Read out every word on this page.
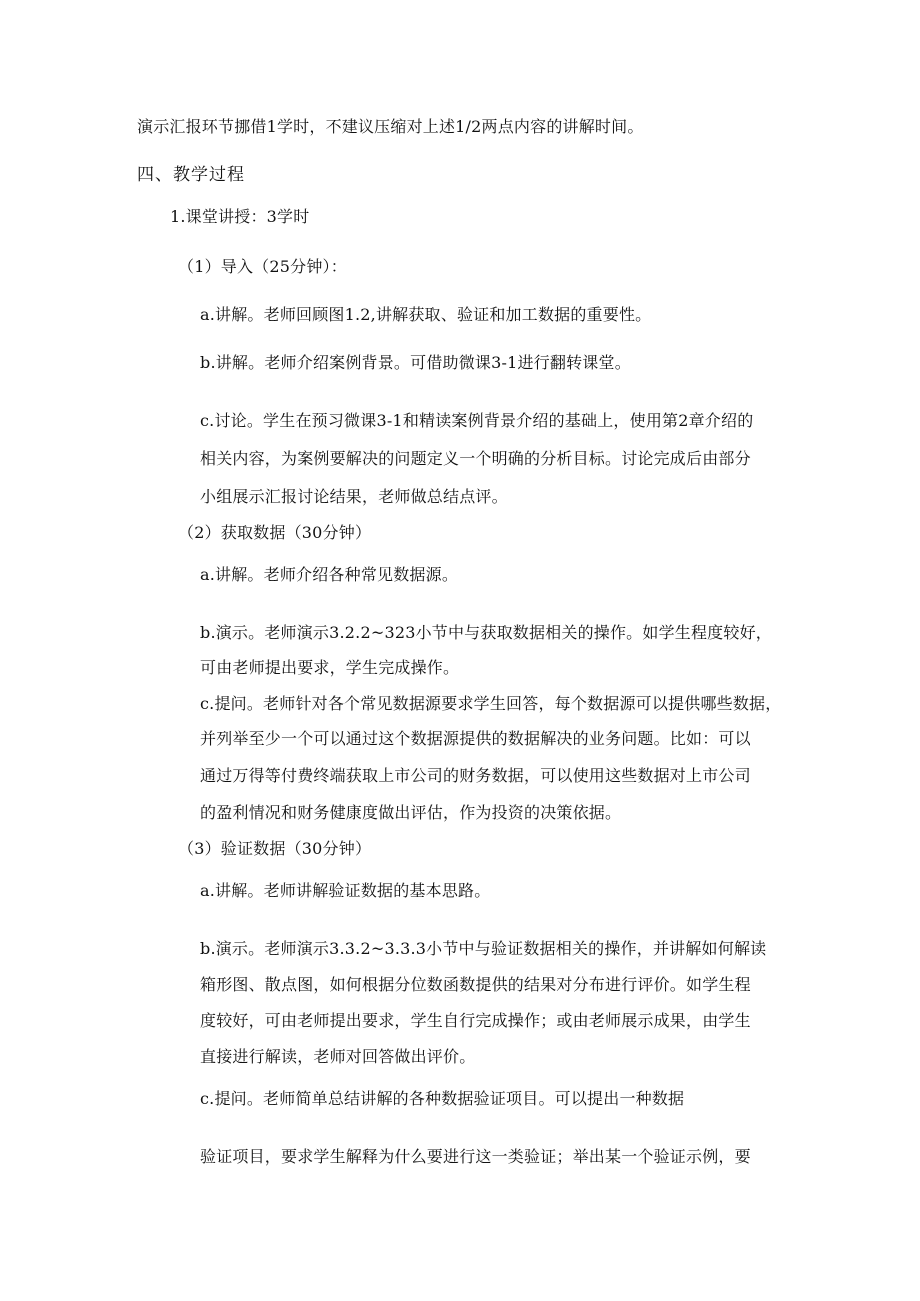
演示汇报环节挪借1学时，不建议压缩对上述1/2两点内容的讲解时间。

四、教学过程

1.课堂讲授：3学时

（1）导入（25分钟）：

a.讲解。老师回顾图1.2,讲解获取、验证和加工数据的重要性。

b.讲解。老师介绍案例背景。可借助微课3-1进行翻转课堂。

c.讨论。学生在预习微课3-1和精读案例背景介绍的基础上，使用第2章介绍的

相关内容，为案例要解决的问题定义一个明确的分析目标。讨论完成后由部分

小组展示汇报讨论结果，老师做总结点评。

（2）获取数据（30分钟）

a.讲解。老师介绍各种常见数据源。

b.演示。老师演示3.2.2~323小节中与获取数据相关的操作。如学生程度较好，

可由老师提出要求，学生完成操作。

c.提问。老师针对各个常见数据源要求学生回答，每个数据源可以提供哪些数据，

并列举至少一个可以通过这个数据源提供的数据解决的业务问题。比如：可以

通过万得等付费终端获取上市公司的财务数据，可以使用这些数据对上市公司

的盈利情况和财务健康度做出评估，作为投资的决策依据。

（3）验证数据（30分钟）

a.讲解。老师讲解验证数据的基本思路。

b.演示。老师演示3.3.2~3.3.3小节中与验证数据相关的操作，并讲解如何解读

箱形图、散点图，如何根据分位数函数提供的结果对分布进行评价。如学生程

度较好，可由老师提出要求，学生自行完成操作；或由老师展示成果，由学生

直接进行解读，老师对回答做出评价。

c.提问。老师简单总结讲解的各种数据验证项目。可以提出一种数据

验证项目，要求学生解释为什么要进行这一类验证；举出某一个验证示例，要
